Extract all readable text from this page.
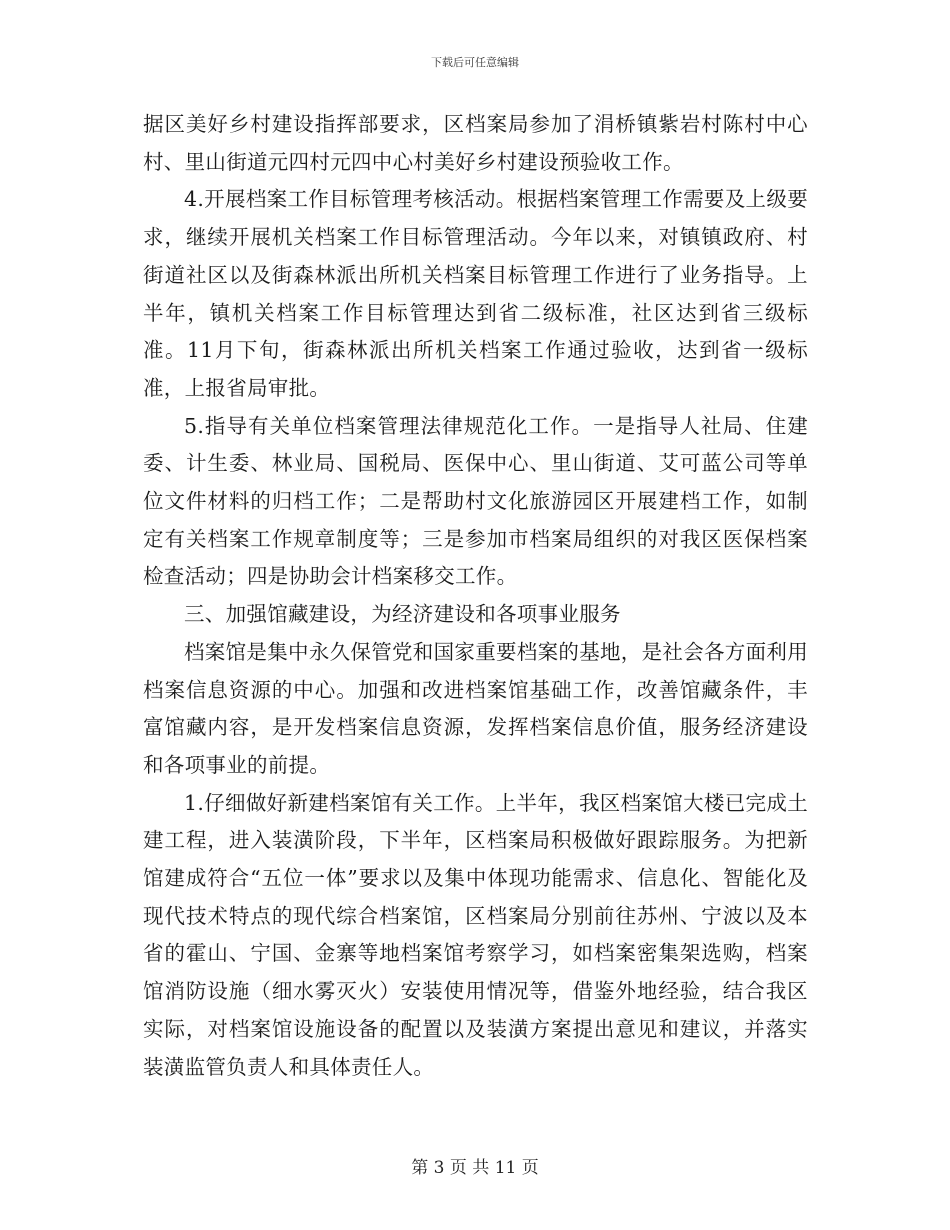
下载后可任意编辑

据区美好乡村建设指挥部要求，区档案局参加了涓桥镇紫岩村陈村中心村、里山街道元四村元四中心村美好乡村建设预验收工作。

4.开展档案工作目标管理考核活动。根据档案管理工作需要及上级要求，继续开展机关档案工作目标管理活动。今年以来，对镇镇政府、村街道社区以及街森林派出所机关档案目标管理工作进行了业务指导。上半年，镇机关档案工作目标管理达到省二级标准，社区达到省三级标准。11月下旬，街森林派出所机关档案工作通过验收，达到省一级标准，上报省局审批。

5.指导有关单位档案管理法律规范化工作。一是指导人社局、住建委、计生委、林业局、国税局、医保中心、里山街道、艾可蓝公司等单位文件材料的归档工作；二是帮助村文化旅游园区开展建档工作，如制定有关档案工作规章制度等；三是参加市档案局组织的对我区医保档案检查活动；四是协助会计档案移交工作。

三、加强馆藏建设，为经济建设和各项事业服务

档案馆是集中永久保管党和国家重要档案的基地，是社会各方面利用档案信息资源的中心。加强和改进档案馆基础工作，改善馆藏条件，丰富馆藏内容，是开发档案信息资源，发挥档案信息价值，服务经济建设和各项事业的前提。

1.仔细做好新建档案馆有关工作。上半年，我区档案馆大楼已完成土建工程，进入装潢阶段，下半年，区档案局积极做好跟踪服务。为把新馆建成符合“五位一体”要求以及集中体现功能需求、信息化、智能化及现代技术特点的现代综合档案馆，区档案局分别前往苏州、宁波以及本省的霍山、宁国、金寨等地档案馆考察学习，如档案密集架选购，档案馆消防设施（细水雾灭火）安装使用情况等，借鉴外地经验，结合我区实际，对档案馆设施设备的配置以及装潢方案提出意见和建议，并落实装潢监管负责人和具体责任人。

第 3 页 共 11 页
